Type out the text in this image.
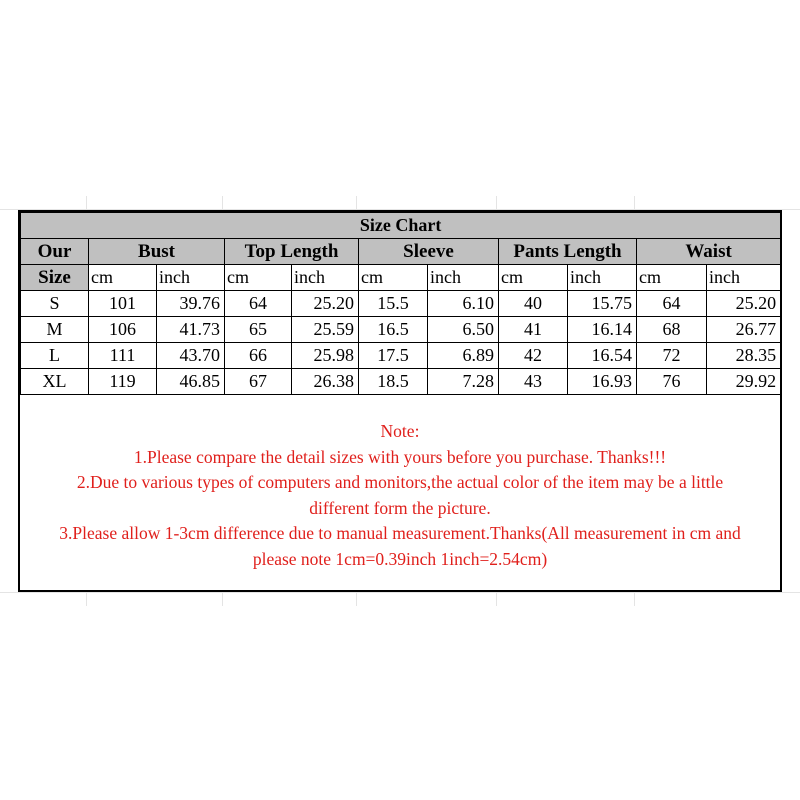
Size Chart										
Our	Bust		Top Length		Sleeve		Pants Length		Waist	
Size	cm	inch	cm	inch	cm	inch	cm	inch	cm	inch
S	101	39.76	64	25.20	15.5	6.10	40	15.75	64	25.20
M	106	41.73	65	25.59	16.5	6.50	41	16.14	68	26.77
L	111	43.70	66	25.98	17.5	6.89	42	16.54	72	28.35
XL	119	46.85	67	26.38	18.5	7.28	43	16.93	76	29.92
Note:
1.Please compare the detail sizes with yours before you purchase. Thanks!!!
2.Due to various types of computers and monitors,the actual color of the item may be a little
different form the picture.
3.Please allow 1-3cm difference due to manual measurement.Thanks(All measurement in cm and
please note 1cm=0.39inch 1inch=2.54cm)
